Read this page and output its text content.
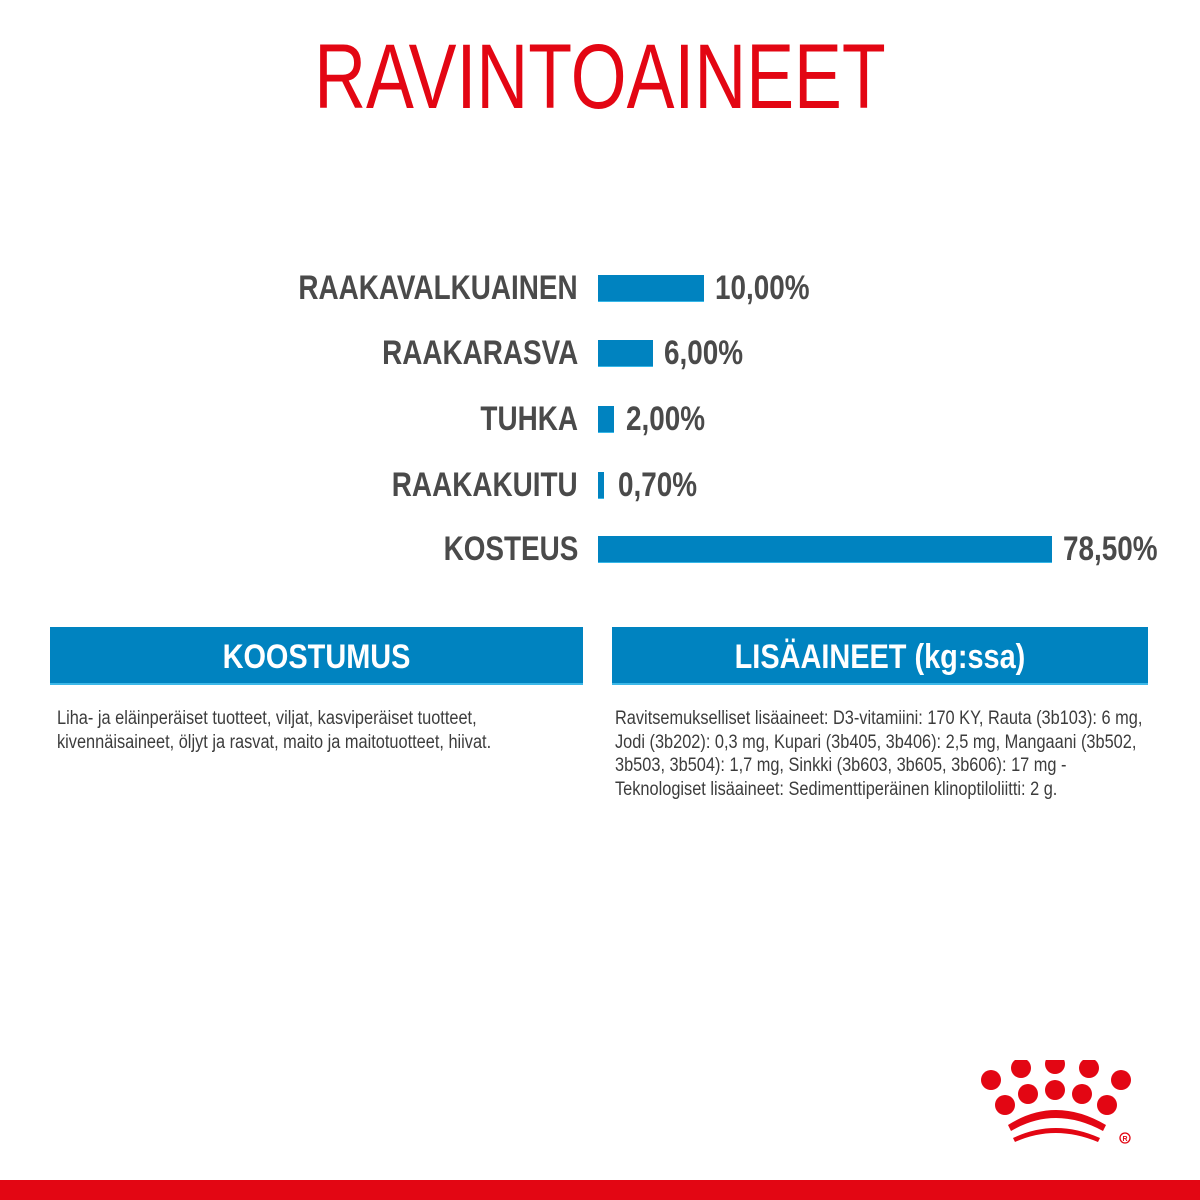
RAVINTOAINEET
RAAKAVALKUAINEN	10,00%
RAAKARASVA	6,00%
TUHKA 2,00%
RAAKAKUITU 0,70%
KOSTEUS	78,50%
KOOSTUMUS
Liha- ja eläinperäiset tuotteet, viljat, kasviperäiset tuotteet, kivennäisaineet, öljyt ja rasvat, maito ja maitotuotteet, hiivat.
LISÄAINEET (kg:ssa)
Ravitsemukselliset lisäaineet: D3-vitamiini: 170 KY, Rauta (3b103): 6 mg, Jodi (3b202): 0,3 mg, Kupari (3b405, 3b406): 2,5 mg, Mangaani (3b502, 3b503, 3b504): 1,7 mg, Sinkki (3b603, 3b605, 3b606): 17 mg - Teknologiset lisäaineet: Sedimenttiperäinen klinoptiloliitti: 2 g.
R
